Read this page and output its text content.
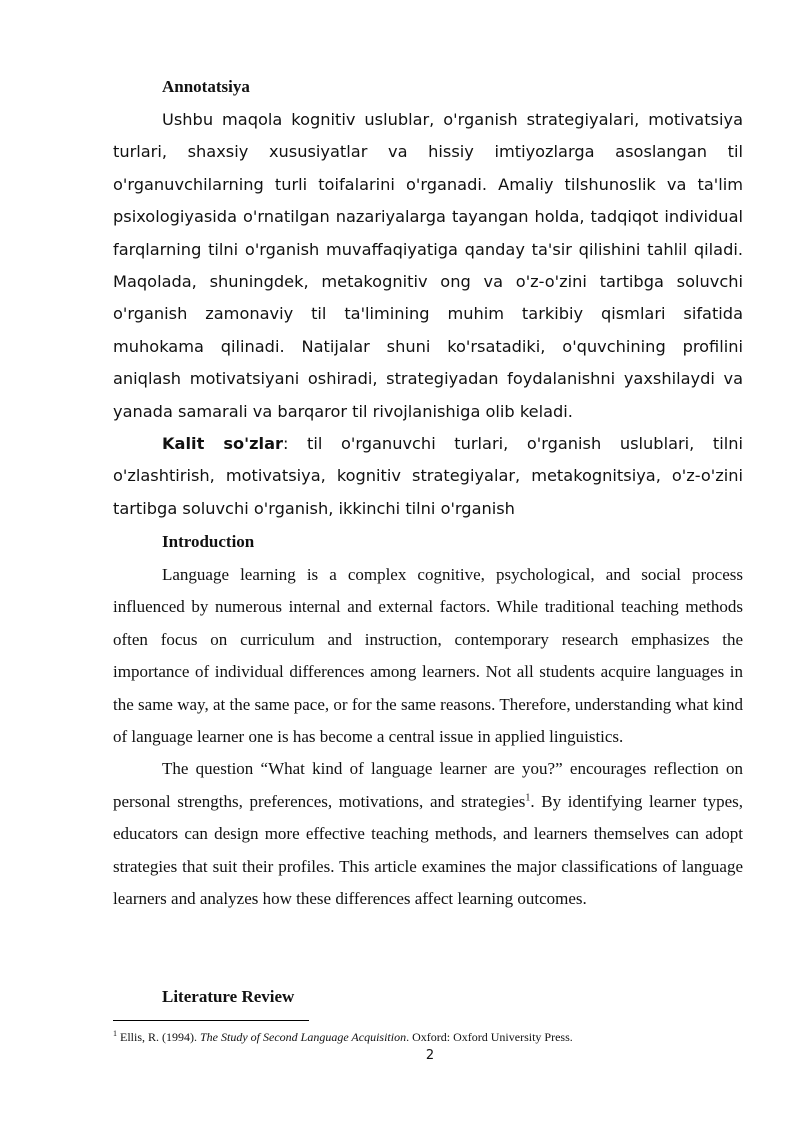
Annotatsiya

Ushbu maqola kognitiv uslublar, o'rganish strategiyalari, motivatsiya turlari, shaxsiy xususiyatlar va hissiy imtiyozlarga asoslangan til o'rganuvchilarning turli toifalarini o'rganadi. Amaliy tilshunoslik va ta'lim psixologiyasida o'rnatilgan nazariyalarga tayangan holda, tadqiqot individual farqlarning tilni o'rganish muvaffaqiyatiga qanday ta'sir qilishini tahlil qiladi. Maqolada, shuningdek, metakognitiv ong va o'z-o'zini tartibga soluvchi o'rganish zamonaviy til ta'limining muhim tarkibiy qismlari sifatida muhokama qilinadi. Natijalar shuni ko'rsatadiki, o'quvchining profilini aniqlash motivatsiyani oshiradi, strategiyadan foydalanishni yaxshilaydi va yanada samarali va barqaror til rivojlanishiga olib keladi.

Kalit so'zlar: til o'rganuvchi turlari, o'rganish uslublari, tilni o'zlashtirish, motivatsiya, kognitiv strategiyalar, metakognitsiya, o'z-o'zini tartibga soluvchi o'rganish, ikkinchi tilni o'rganish

Introduction

Language learning is a complex cognitive, psychological, and social process influenced by numerous internal and external factors. While traditional teaching methods often focus on curriculum and instruction, contemporary research emphasizes the importance of individual differences among learners. Not all students acquire languages in the same way, at the same pace, or for the same reasons. Therefore, understanding what kind of language learner one is has become a central issue in applied linguistics.

The question “What kind of language learner are you?” encourages reflection on personal strengths, preferences, motivations, and strategies$^1$. By identifying learner types, educators can design more effective teaching methods, and learners themselves can adopt strategies that suit their profiles. This article examines the major classifications of language learners and analyzes how these differences affect learning outcomes.

Literature Review
$^1$ Ellis, R. (1994). The Study of Second Language Acquisition. Oxford: Oxford University Press.
2
